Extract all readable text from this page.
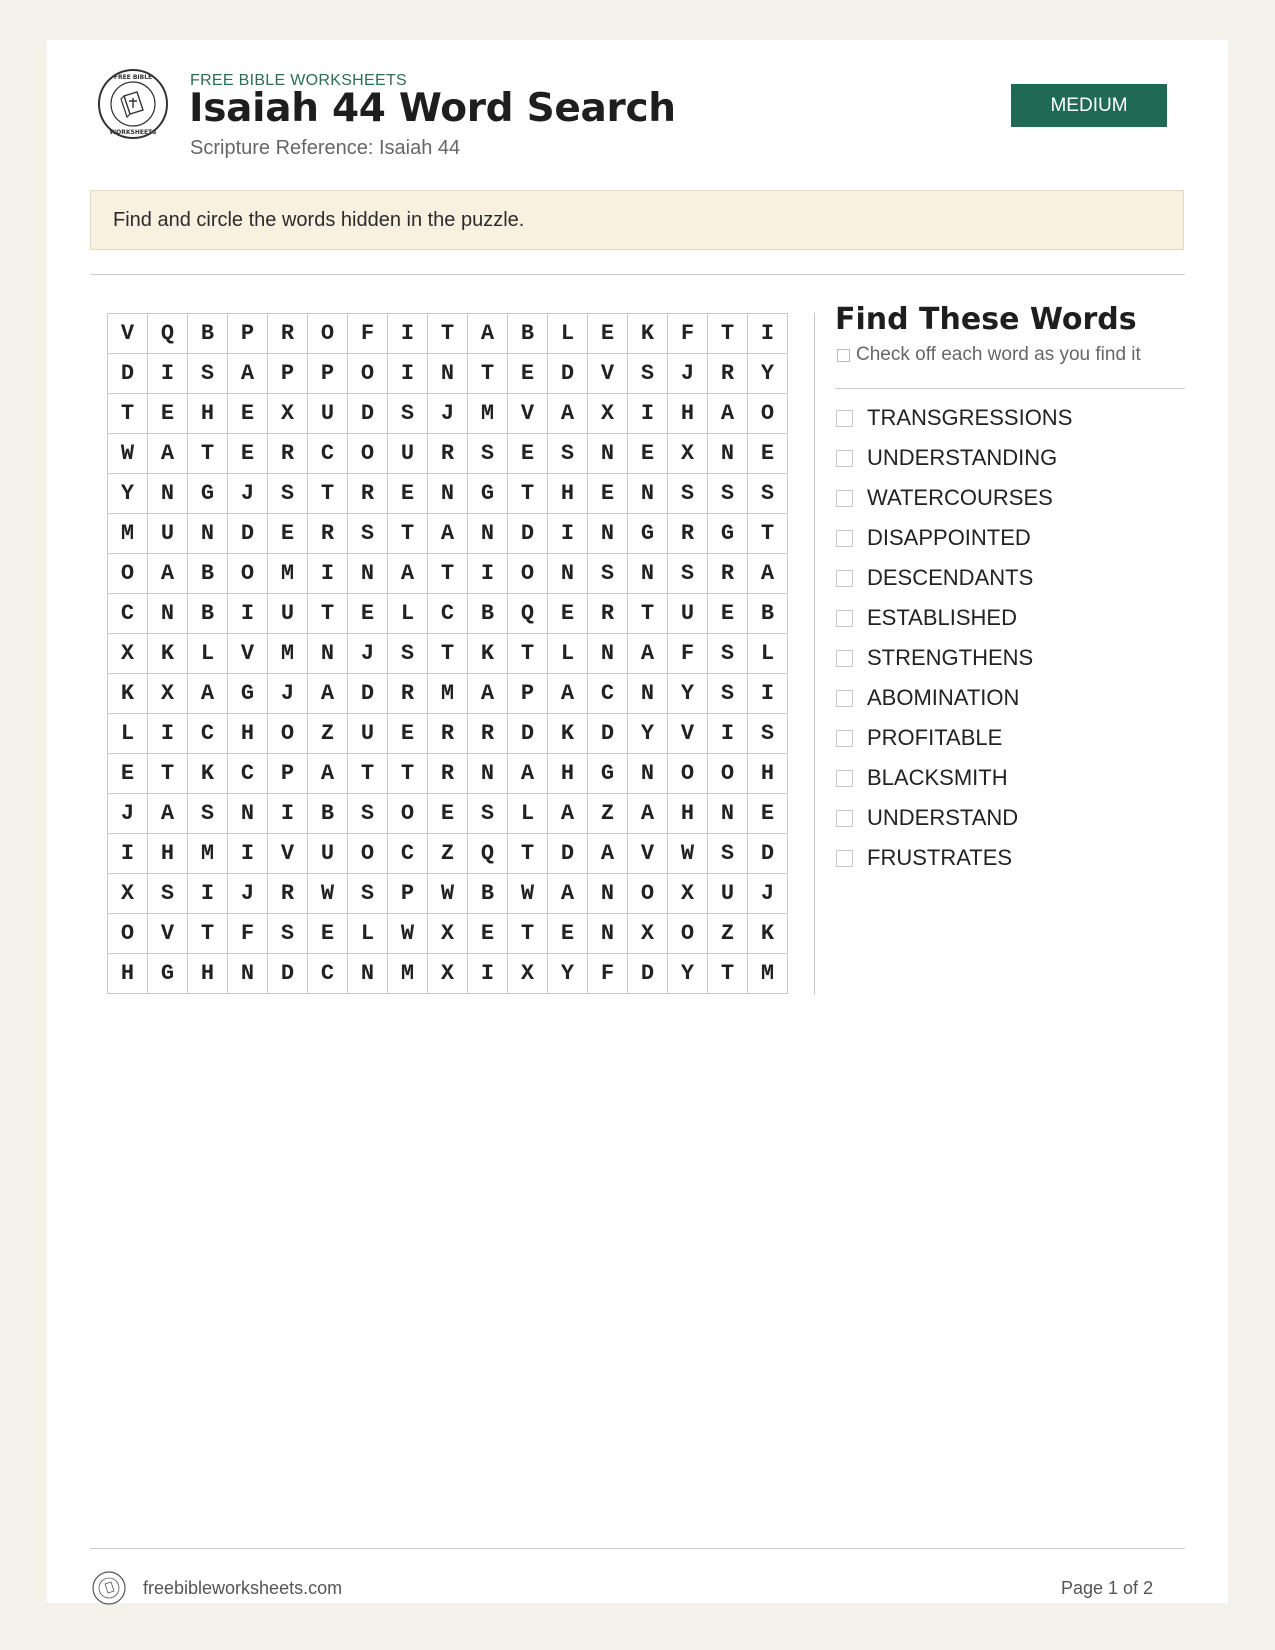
FREE BIBLE
WORKSHEETS
FREE BIBLE WORKSHEETS
Isaiah 44 Word Search
Scripture Reference: Isaiah 44
MEDIUM
Find and circle the words hidden in the puzzle.
V	Q	B	P	R	O	F	I	T	A	B	L	E	K	F	T	I
D	I	S	A	P	P	O	I	N	T	E	D	V	S	J	R	Y
T	E	H	E	X	U	D	S	J	M	V	A	X	I	H	A	O
W	A	T	E	R	C	O	U	R	S	E	S	N	E	X	N	E
Y	N	G	J	S	T	R	E	N	G	T	H	E	N	S	S	S
M	U	N	D	E	R	S	T	A	N	D	I	N	G	R	G	T
O	A	B	O	M	I	N	A	T	I	O	N	S	N	S	R	A
C	N	B	I	U	T	E	L	C	B	Q	E	R	T	U	E	B
X	K	L	V	M	N	J	S	T	K	T	L	N	A	F	S	L
K	X	A	G	J	A	D	R	M	A	P	A	C	N	Y	S	I
L	I	C	H	O	Z	U	E	R	R	D	K	D	Y	V	I	S
E	T	K	C	P	A	T	T	R	N	A	H	G	N	O	O	H
J	A	S	N	I	B	S	O	E	S	L	A	Z	A	H	N	E
I	H	M	I	V	U	O	C	Z	Q	T	D	A	V	W	S	D
X	S	I	J	R	W	S	P	W	B	W	A	N	O	X	U	J
O	V	T	F	S	E	L	W	X	E	T	E	N	X	O	Z	K
H	G	H	N	D	C	N	M	X	I	X	Y	F	D	Y	T	M
Find These Words
Check off each word as you find it
TRANSGRESSIONS
UNDERSTANDING
WATERCOURSES
DISAPPOINTED
DESCENDANTS
ESTABLISHED
STRENGTHENS
ABOMINATION
PROFITABLE
BLACKSMITH
UNDERSTAND
FRUSTRATES
freebibleworksheets.com	Page 1 of 2
